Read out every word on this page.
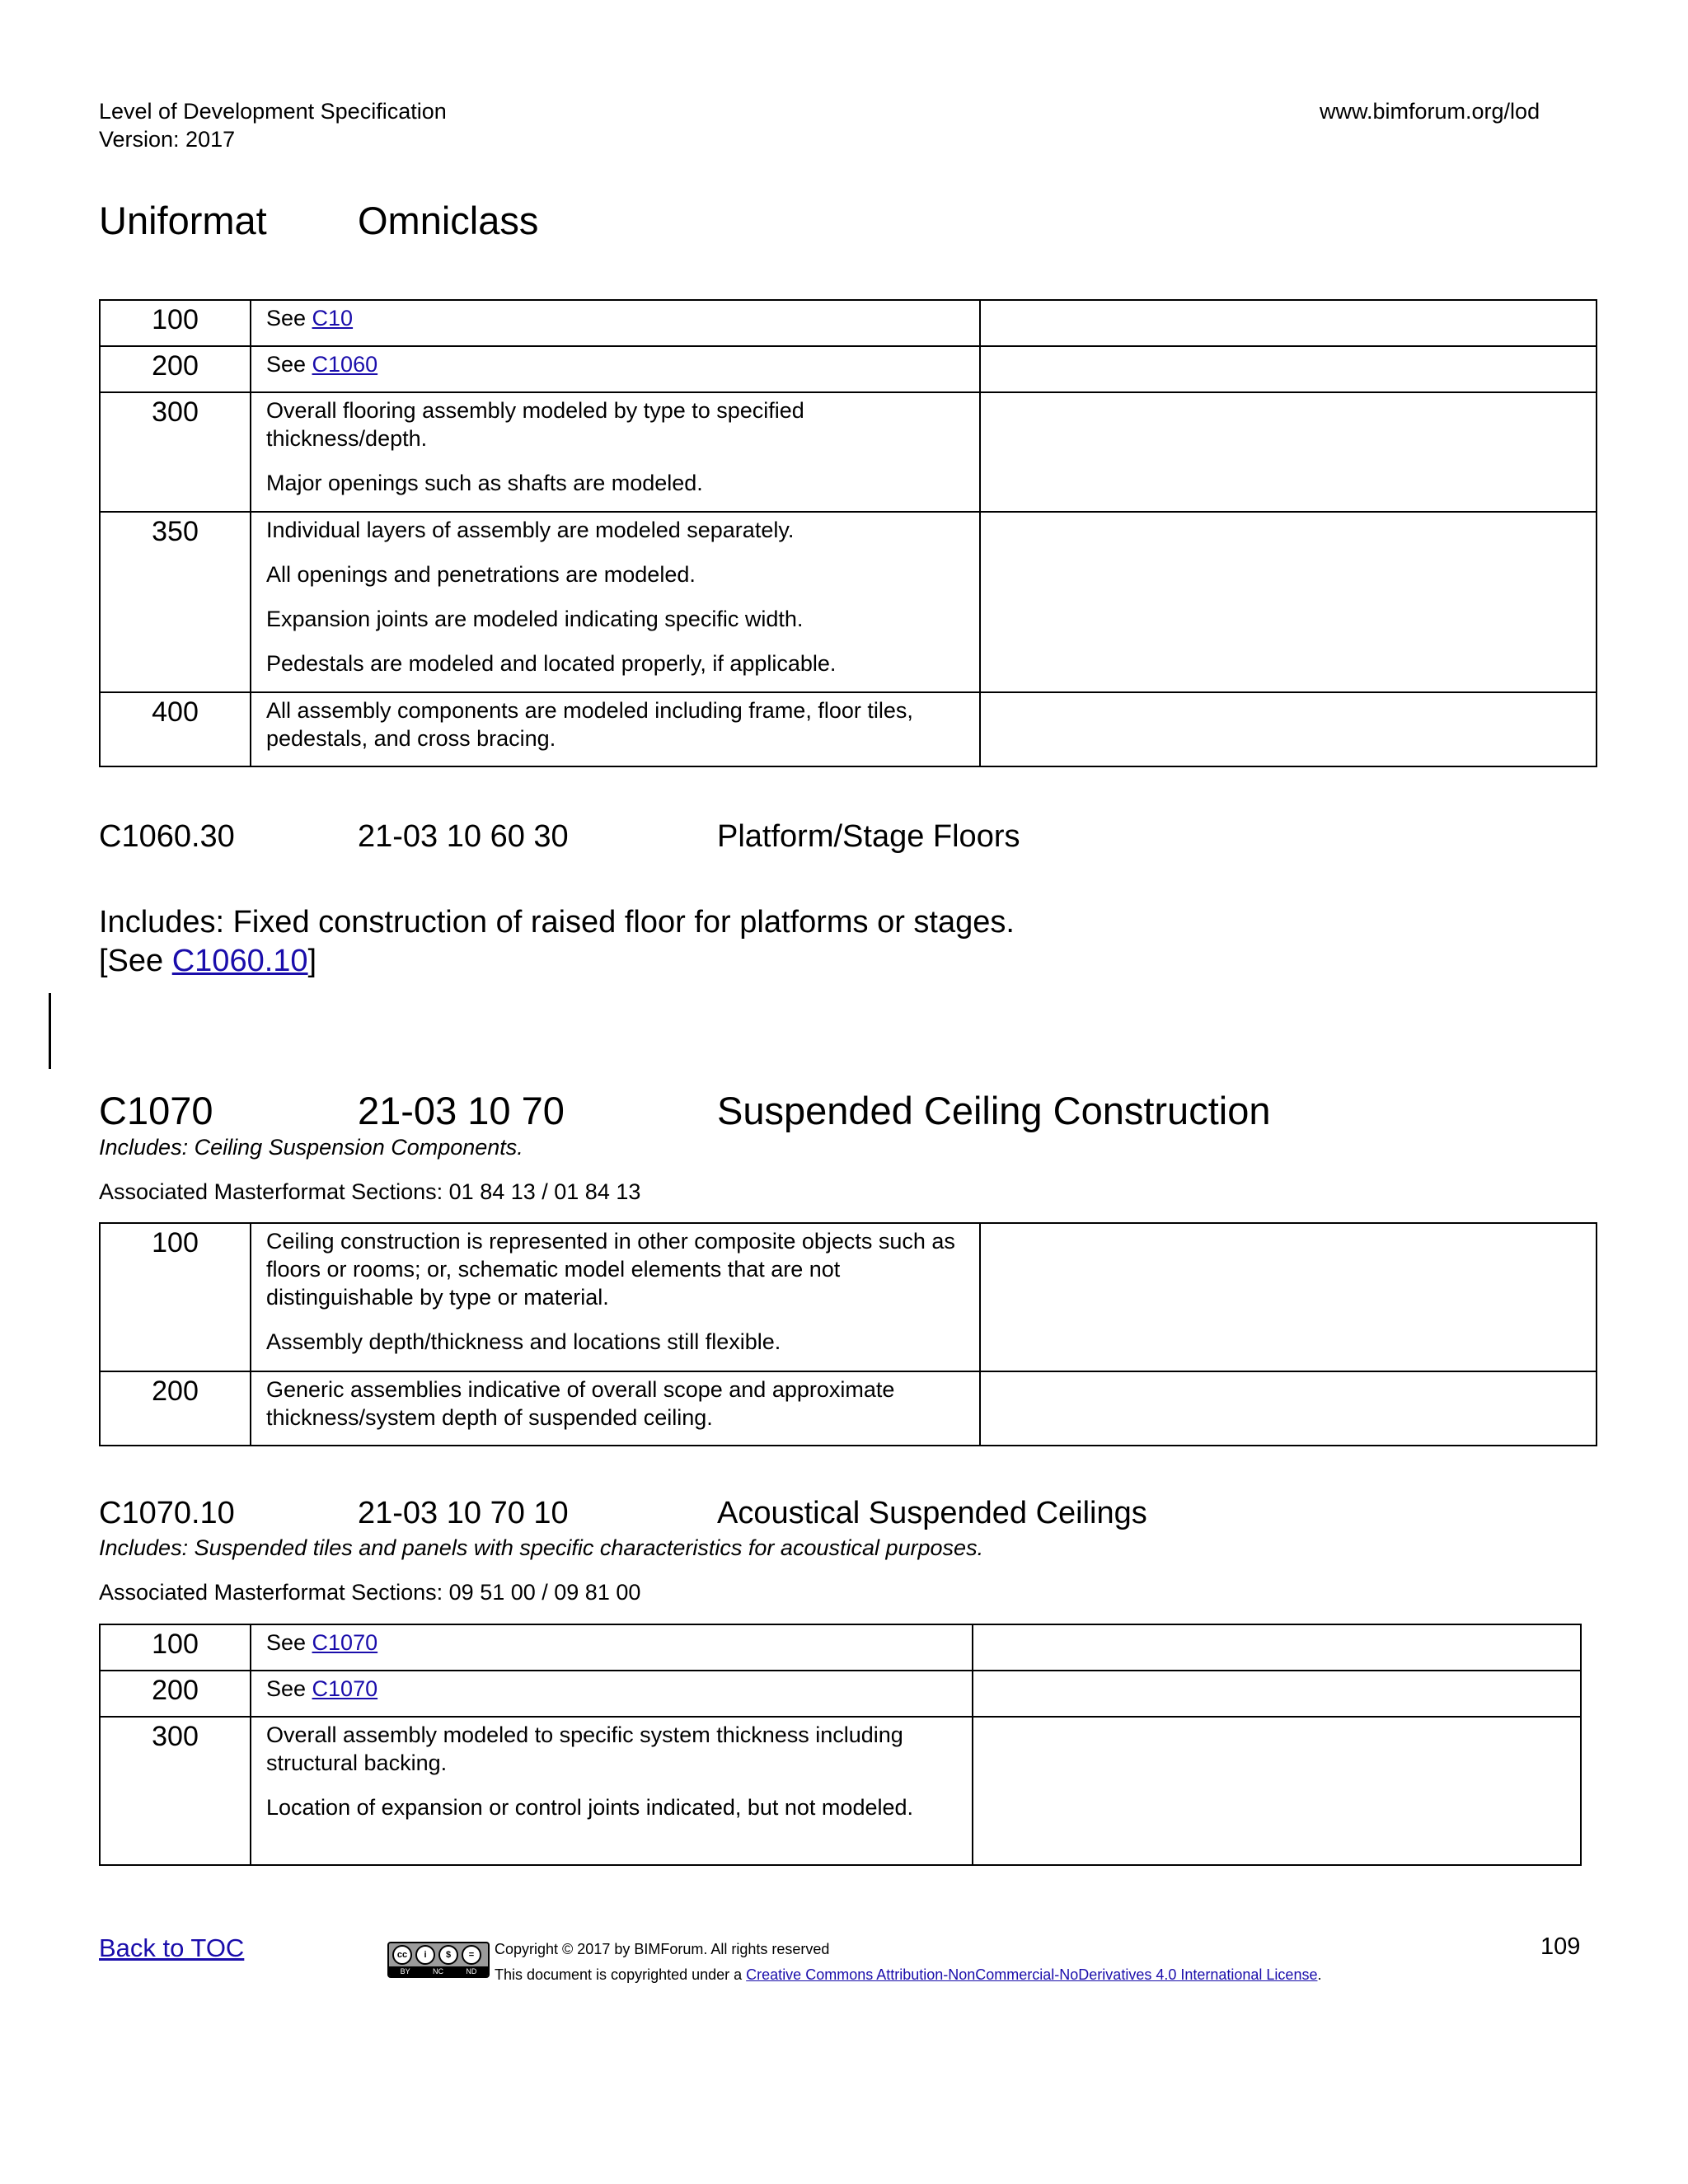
Level of Development Specification
Version: 2017
www.bimforum.org/lod
Uniformat Omniclass
100	See C10	
200	See C1060	
300	Overall flooring assembly modeled by type to specified thickness/depth.

Major openings such as shafts are modeled.	

350	Individual layers of assembly are modeled separately.

All openings and penetrations are modeled.

Expansion joints are modeled indicating specific width.

Pedestals are modeled and located properly, if applicable.	

400	All assembly components are modeled including frame, floor tiles, pedestals, and cross bracing.	

C1060.30	21-03 10 60 30	Platform/Stage Floors
Includes: Fixed construction of raised floor for platforms or stages.
[See C1060.10]
C1070	21-03 10 70	Suspended Ceiling Construction
Includes: Ceiling Suspension Components.
Associated Masterformat Sections: 01 84 13 / 01 84 13
100	Ceiling construction is represented in other composite objects such as floors or rooms; or, schematic model elements that are not distinguishable by type or material.

Assembly depth/thickness and locations still flexible.	

200	Generic assemblies indicative of overall scope and approximate thickness/system depth of suspended ceiling.	

C1070.10	21-03 10 70 10	Acoustical Suspended Ceilings
Includes: Suspended tiles and panels with specific characteristics for acoustical purposes.
Associated Masterformat Sections: 09 51 00 / 09 81 00
100	See C1070	
200	See C1070	
300	Overall assembly modeled to specific system thickness including structural backing.

Location of expansion or control joints indicated, but not modeled.	

Back to TOC	cc	i	$	=
BY	NC	ND
Copyright © 2017 by BIMForum. All rights reserved
This document is copyrighted under a Creative Commons Attribution-NonCommercial-NoDerivatives 4.0 International License.
109
